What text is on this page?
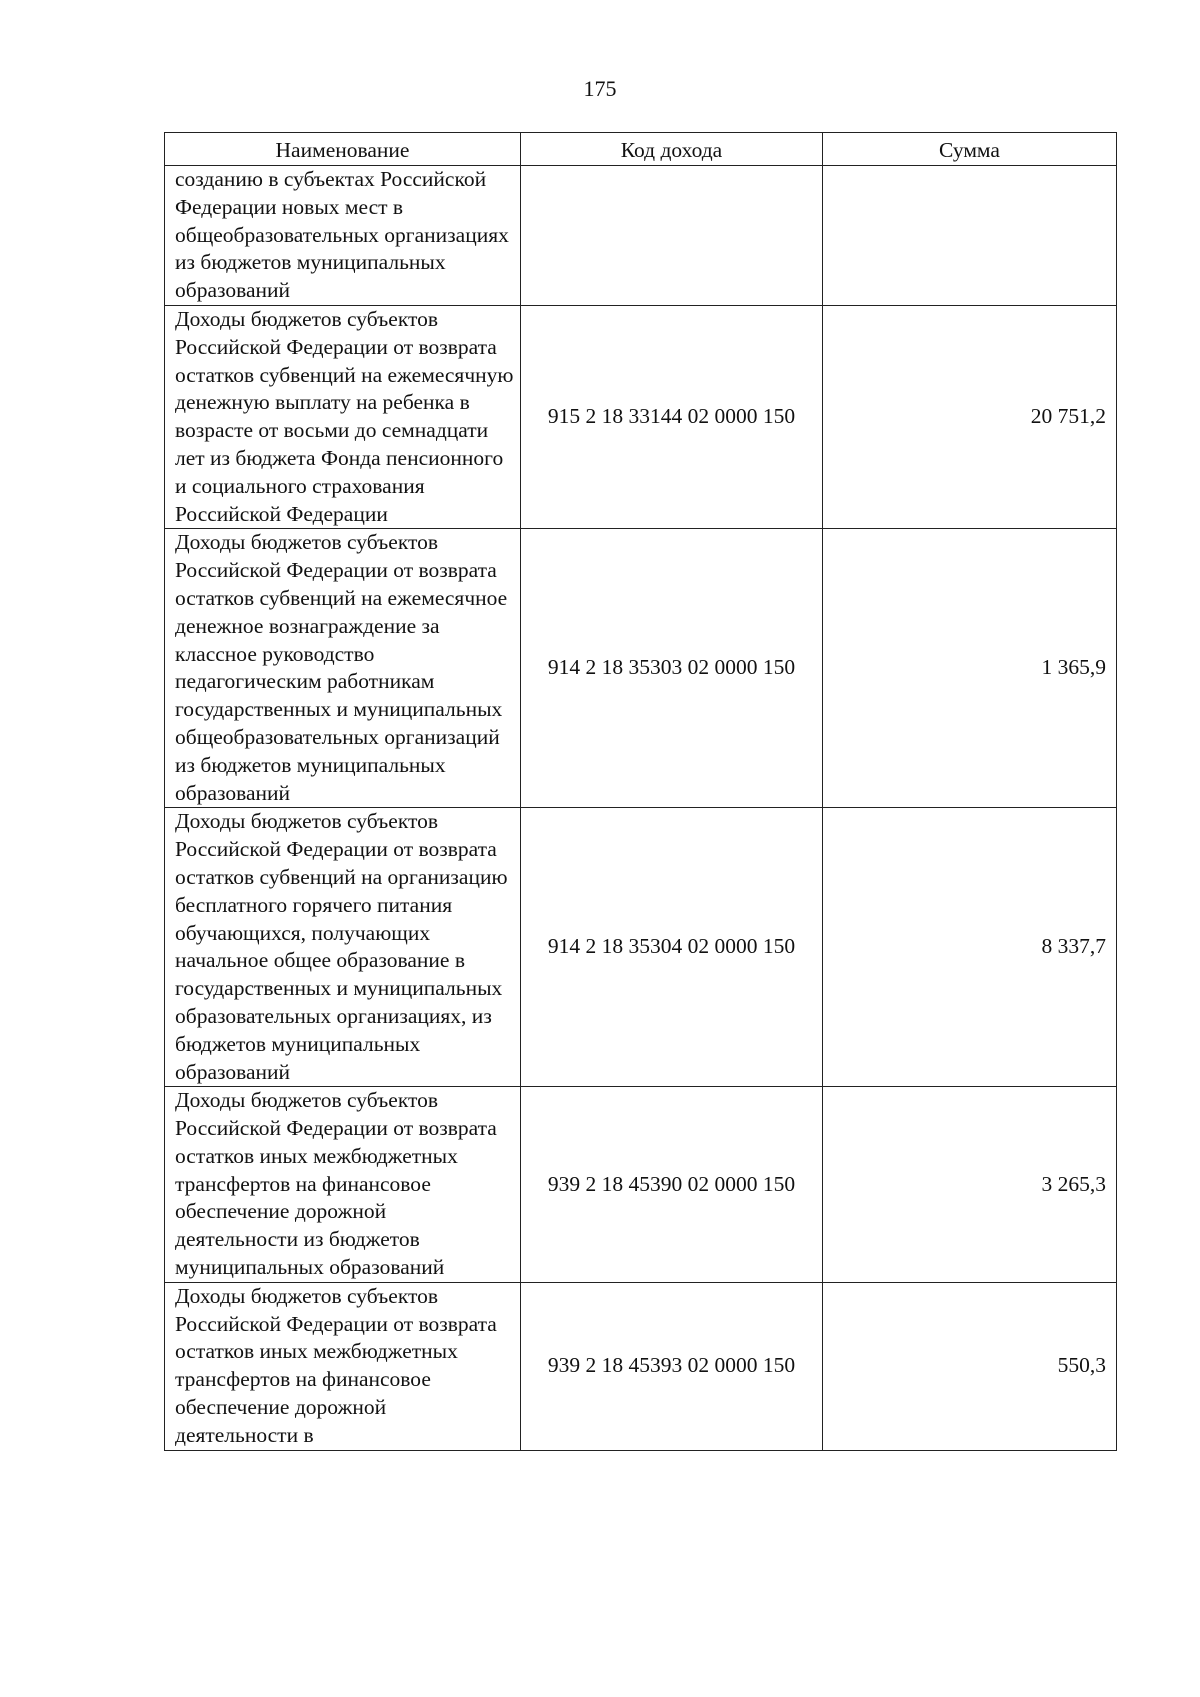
175
Наименование	Код дохода	Сумма
созданию в субъектах Российской Федерации новых мест в общеобразовательных организациях из бюджетов муниципальных образований		
Доходы бюджетов субъектов Российской Федерации от возврата остатков субвенций на ежемесячную денежную выплату на ребенка в возрасте от восьми до семнадцати лет из бюджета Фонда пенсионного и социального страхования Российской Федерации	915 2 18 33144 02 0000 150	20 751,2
Доходы бюджетов субъектов Российской Федерации от возврата остатков субвенций на ежемесячное денежное вознаграждение за классное руководство педагогическим работникам государственных и муниципальных общеобразовательных организаций из бюджетов муниципальных образований	914 2 18 35303 02 0000 150	1 365,9
Доходы бюджетов субъектов Российской Федерации от возврата остатков субвенций на организацию бесплатного горячего питания обучающихся, получающих начальное общее образование в государственных и муниципальных образовательных организациях, из бюджетов муниципальных образований	914 2 18 35304 02 0000 150	8 337,7
Доходы бюджетов субъектов Российской Федерации от возврата остатков иных межбюджетных трансфертов на финансовое обеспечение дорожной деятельности из бюджетов муниципальных образований	939 2 18 45390 02 0000 150	3 265,3
Доходы бюджетов субъектов Российской Федерации от возврата остатков иных межбюджетных трансфертов на финансовое обеспечение дорожной деятельности в	939 2 18 45393 02 0000 150	550,3
